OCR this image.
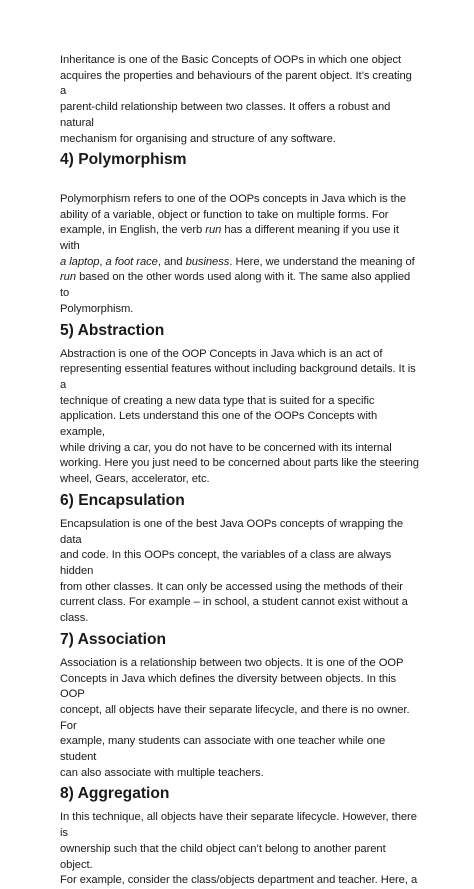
Inheritance is one of the Basic Concepts of OOPs in which one object
acquires the properties and behaviours of the parent object. It’s creating a
parent-child relationship between two classes. It offers a robust and natural
mechanism for organising and structure of any software.

4) Polymorphism

Polymorphism refers to one of the OOPs concepts in Java which is the
ability of a variable, object or function to take on multiple forms. For
example, in English, the verb run has a different meaning if you use it with
a laptop, a foot race, and business. Here, we understand the meaning of
run based on the other words used along with it. The same also applied to
Polymorphism.

5) Abstraction

Abstraction is one of the OOP Concepts in Java which is an act of
representing essential features without including background details. It is a
technique of creating a new data type that is suited for a specific
application. Lets understand this one of the OOPs Concepts with example,
while driving a car, you do not have to be concerned with its internal
working. Here you just need to be concerned about parts like the steering
wheel, Gears, accelerator, etc.

6) Encapsulation

Encapsulation is one of the best Java OOPs concepts of wrapping the data
and code. In this OOPs concept, the variables of a class are always hidden
from other classes. It can only be accessed using the methods of their
current class. For example – in school, a student cannot exist without a
class.

7) Association

Association is a relationship between two objects. It is one of the OOP
Concepts in Java which defines the diversity between objects. In this OOP
concept, all objects have their separate lifecycle, and there is no owner. For
example, many students can associate with one teacher while one student
can also associate with multiple teachers.

8) Aggregation

In this technique, all objects have their separate lifecycle. However, there is
ownership such that the child object can’t belong to another parent object.
For example, consider the class/objects department and teacher. Here, a
